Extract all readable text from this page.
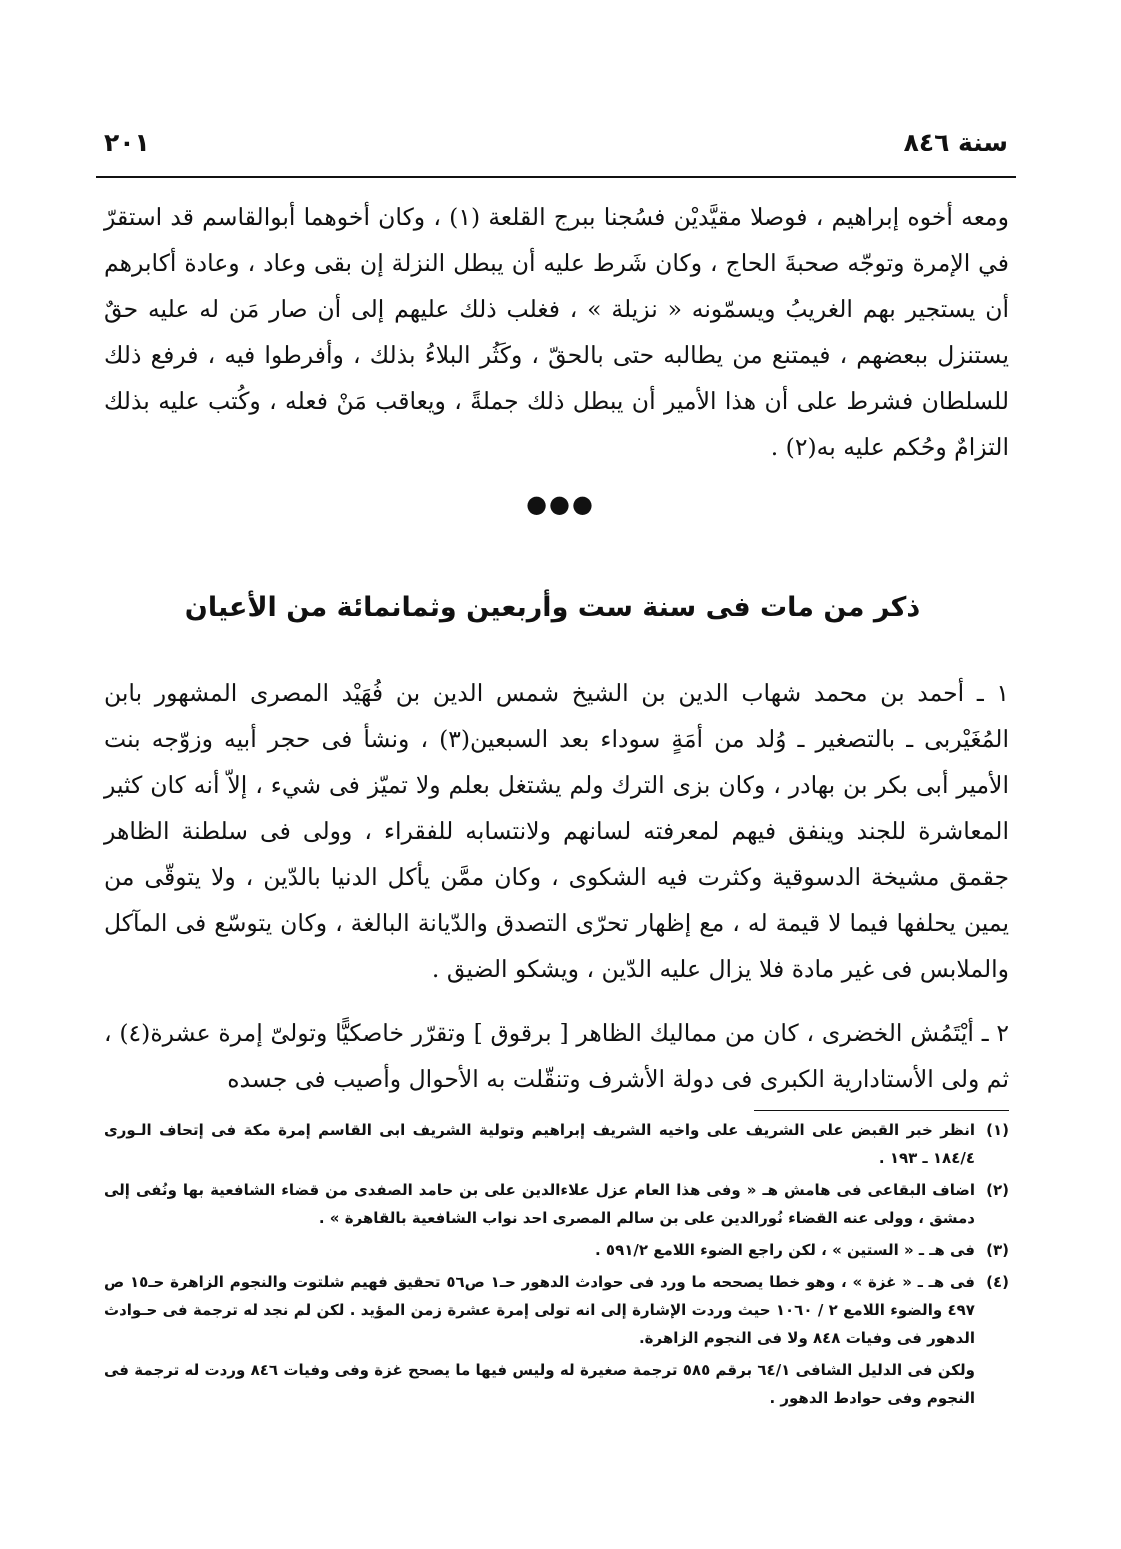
سنة ٨٤٦
٢٠١

ومعه أخوه إبراهيم ، فوصلا مقيَّديْن فسُجنا ببرج القلعة (١) ، وكان أخوهما أبوالقاسم قد استقرّ في الإمرة وتوجّه صحبةَ الحاج ، وكان شَرط عليه أن يبطل النزلة إن بقى وعاد ، وعادة أكابرهم أن يستجير بهم الغريبُ ويسمّونه « نزيلة » ، فغلب ذلك عليهم إلى أن صار مَن له عليه حقٌ يستنزل ببعضهم ، فيمتنع من يطالبه حتى بالحقّ ، وكَثُر البلاءُ بذلك ، وأفرطوا فيه ، فرفع ذلك للسلطان فشرط على أن هذا الأمير أن يبطل ذلك جملةً ، ويعاقب مَنْ فعله ، وكُتب عليه بذلك التزامٌ وحُكم عليه به(٢) .

●●●
ذكر من مات فى سنة ست وأربعين وثمانمائة من الأعيان

١ ـ أحمد بن محمد شهاب الدين بن الشيخ شمس الدين بن فُهَيْد المصرى المشهور بابن المُغَيْربى ـ بالتصغير ـ وُلد من أمَةٍ سوداء بعد السبعين(٣) ، ونشأ فى حجر أبيه وزوّجه بنت الأمير أبى بكر بن بهادر ، وكان بزى الترك ولم يشتغل بعلم ولا تميّز فى شيء ، إلاّ أنه كان كثير المعاشرة للجند وينفق فيهم لمعرفته لسانهم ولانتسابه للفقراء ، وولى فى سلطنة الظاهر جقمق مشيخة الدسوقية وكثرت فيه الشكوى ، وكان ممَّن يأكل الدنيا بالدّين ، ولا يتوقّى من يمين يحلفها فيما لا قيمة له ، مع إظهار تحرّى التصدق والدّيانة البالغة ، وكان يتوسّع فى المآكل والملابس فى غير مادة فلا يزال عليه الدّين ، ويشكو الضيق .

٢ ـ أيْتَمُش الخضرى ، كان من مماليك الظاهر [ برقوق ] وتقرّر خاصكيًّا وتولىّ إمرة عشرة(٤) ، ثم ولى الأستادارية الكبرى فى دولة الأشرف وتنقّلت به الأحوال وأصيب فى جسده

(١)
انظر خبر القبض على الشريف على واخيه الشريف إبراهيم وتولية الشريف ابى القاسم إمرة مكة فى إتحاف الـورى ١٨٤/٤ ـ ١٩٣ .
(٢)
اضاف البقاعى فى هامش هـ « وفى هذا العام عزل علاءالدين على بن حامد الصفدى من قضاء الشافعية بها ونُفى إلى دمشق ، وولى عنه القضاء نُورالدين على بن سالم المصرى احد نواب الشافعية بالقاهرة » .
(٣)
فى هـ ـ « الستين » ، لكن راجع الضوء اللامع ٥٩١/٢ .
(٤)
فى هـ ـ « غزة » ، وهو خطا يصححه ما ورد فى حوادث الدهور حـ١ ص٥٦ تحقيق فهيم شلتوت والنجوم الزاهرة حـ١٥ ص ٤٩٧ والضوء اللامع ٢ / ١٠٦٠ حيث وردت الإشارة إلى انه تولى إمرة عشرة زمن المؤيد . لكن لم نجد له ترجمة فى حـوادث الدهور فى وفيات ٨٤٨ ولا فى النجوم الزاهرة.
ولكن فى الدليل الشافى ٦٤/١ برقم ٥٨٥ ترجمة صغيرة له وليس فيها ما يصحح غزة وفى وفيات ٨٤٦ وردت له ترجمة فى النجوم وفى حوادط الدهور .
